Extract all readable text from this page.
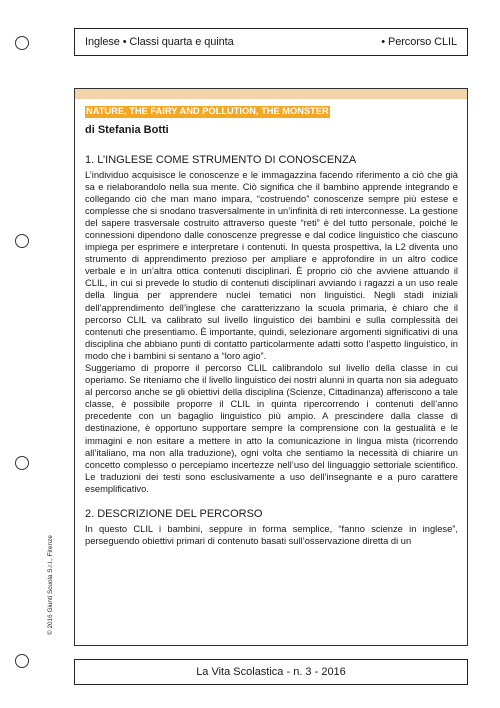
Inglese • Classi quarta e quinta	• Percorso CLIL
NATURE, THE FAIRY AND POLLUTION, THE MONSTER
di Stefania Botti
1. L’INGLESE COME STRUMENTO DI CONOSCENZA

L’individuo acquisisce le conoscenze e le immagazzina facendo riferimento a ciò che già sa e rielaborandolo nella sua mente. Ciò significa che il bambino apprende integrando e collegando ciò che man mano impara, “costruendo” conoscenze sempre più estese e complesse che si snodano trasversalmente in un’infinità di reti interconnesse. La gestione del sapere trasversale costruito attraverso queste “reti” è del tutto personale, poiché le connessioni dipendono dalle conoscenze pregresse e dal codice linguistico che ciascuno impiega per esprimere e interpretare i contenuti. In questa prospettiva, la L2 diventa uno strumento di apprendimento prezioso per ampliare e approfondire in un altro codice verbale e in un’altra ottica contenuti disciplinari. È proprio ciò che avviene attuando il CLIL, in cui si prevede lo studio di contenuti disciplinari avviando i ragazzi a un uso reale della lingua per apprendere nuclei tematici non linguistici. Negli stadi iniziali dell’apprendimento dell’inglese che caratterizzano la scuola primaria, è chiaro che il percorso CLIL va calibrato sul livello linguistico dei bambini e sulla complessità dei contenuti che presentiamo. È importante, quindi, selezionare argomenti significativi di una disciplina che abbiano punti di contatto particolarmente adatti sotto l’aspetto linguistico, in modo che i bambini si sentano a “loro agio”.

Suggeriamo di proporre il percorso CLIL calibrandolo sul livello della classe in cui operiamo. Se riteniamo che il livello linguistico dei nostri alunni in quarta non sia adeguato al percorso anche se gli obiettivi della disciplina (Scienze, Cittadinanza) afferiscono a tale classe, è possibile proporre il CLIL in quinta ripercorrendo i contenuti dell’anno precedente con un bagaglio linguistico più ampio. A prescindere dalla classe di destinazione, è opportuno supportare sempre la comprensione con la gestualità e le immagini e non esitare a mettere in atto la comunicazione in lingua mista (ricorrendo all’italiano, ma non alla traduzione), ogni volta che sentiamo la necessità di chiarire un concetto complesso o percepiamo incertezze nell’uso del linguaggio settoriale scientifico. Le traduzioni dei testi sono esclusivamente a uso dell’insegnante e a puro carattere esemplificativo.

2. DESCRIZIONE DEL PERCORSO

In questo CLIL i bambini, seppure in forma semplice, “fanno scienze in inglese”, perseguendo obiettivi primari di contenuto basati sull’osservazione diretta di un

© 2016 Giunti Scuola S.r.l., Firenze
La Vita Scolastica - n. 3 - 2016
